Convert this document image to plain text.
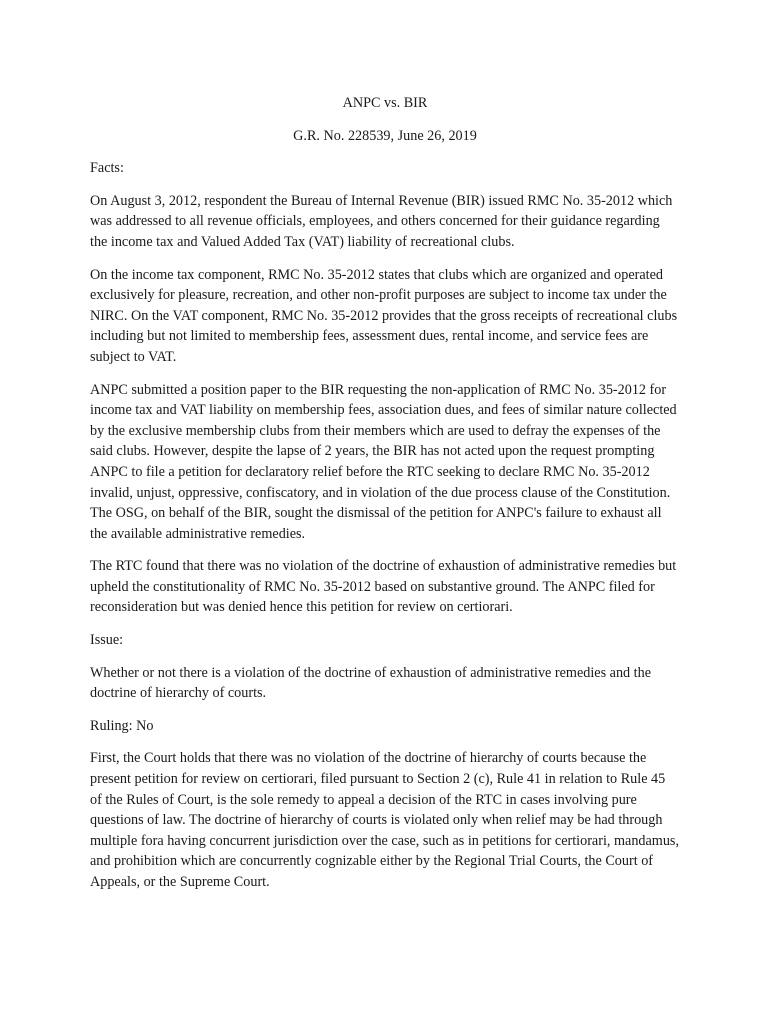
ANPC vs. BIR

G.R. No. 228539, June 26, 2019

Facts:

On August 3, 2012, respondent the Bureau of Internal Revenue (BIR) issued RMC No. 35-2012 which was addressed to all revenue officials, employees, and others concerned for their guidance regarding the income tax and Valued Added Tax (VAT) liability of recreational clubs.

On the income tax component, RMC No. 35-2012 states that clubs which are organized and operated exclusively for pleasure, recreation, and other non-profit purposes are subject to income tax under the NIRC. On the VAT component, RMC No. 35-2012 provides that the gross receipts of recreational clubs including but not limited to membership fees, assessment dues, rental income, and service fees are subject to VAT.

ANPC submitted a position paper to the BIR requesting the non-application of RMC No. 35-2012 for income tax and VAT liability on membership fees, association dues, and fees of similar nature collected by the exclusive membership clubs from their members which are used to defray the expenses of the said clubs. However, despite the lapse of 2 years, the BIR has not acted upon the request prompting ANPC to file a petition for declaratory relief before the RTC seeking to declare RMC No. 35-2012 invalid, unjust, oppressive, confiscatory, and in violation of the due process clause of the Constitution. The OSG, on behalf of the BIR, sought the dismissal of the petition for ANPC's failure to exhaust all the available administrative remedies.

The RTC found that there was no violation of the doctrine of exhaustion of administrative remedies but upheld the constitutionality of RMC No. 35-2012 based on substantive ground. The ANPC filed for reconsideration but was denied hence this petition for review on certiorari.

Issue:

Whether or not there is a violation of the doctrine of exhaustion of administrative remedies and the doctrine of hierarchy of courts.

Ruling: No

First, the Court holds that there was no violation of the doctrine of hierarchy of courts because the present petition for review on certiorari, filed pursuant to Section 2 (c), Rule 41 in relation to Rule 45 of the Rules of Court, is the sole remedy to appeal a decision of the RTC in cases involving pure questions of law. The doctrine of hierarchy of courts is violated only when relief may be had through multiple fora having concurrent jurisdiction over the case, such as in petitions for certiorari, mandamus, and prohibition which are concurrently cognizable either by the Regional Trial Courts, the Court of Appeals, or the Supreme Court.
